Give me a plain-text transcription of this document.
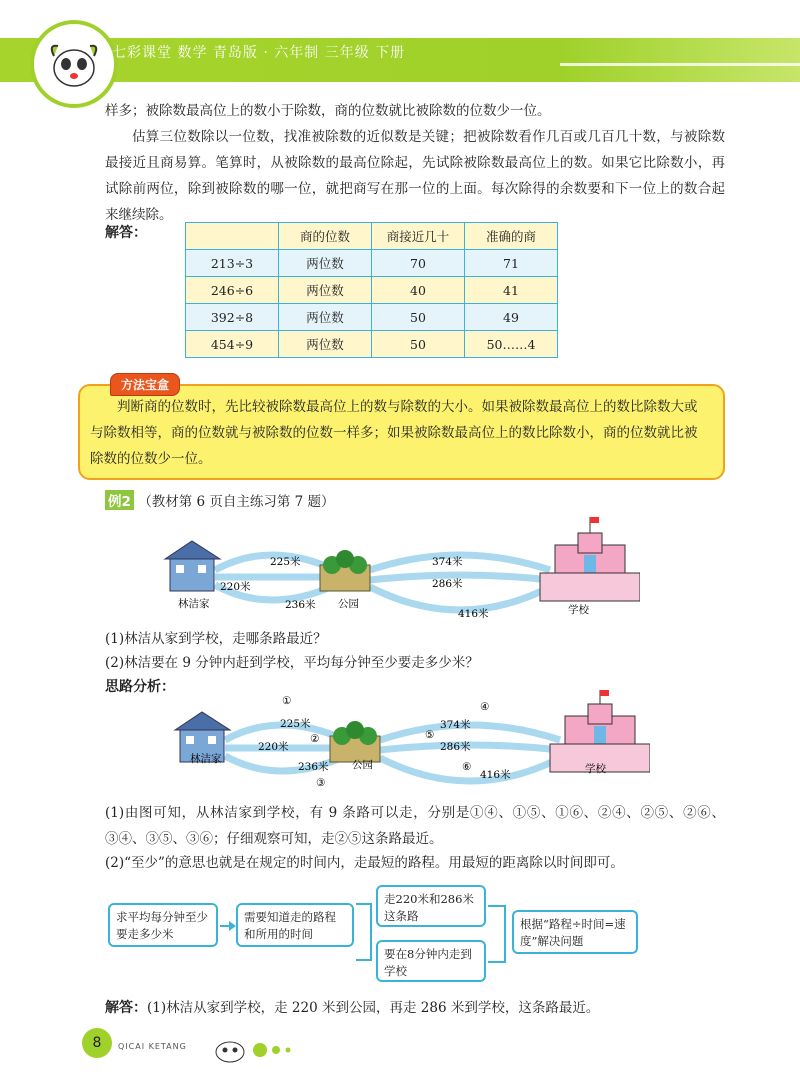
七彩课堂 数学 青岛版 · 六年制 三年级 下册
样多；被除数最高位上的数小于除数，商的位数就比被除数的位数少一位。
估算三位数除以一位数，找准被除数的近似数是关键；把被除数看作几百或几百几十数，与被除数最接近且商易算。笔算时，从被除数的最高位除起，先试除被除数最高位上的数。如果它比除数小，再试除前两位，除到被除数的哪一位，就把商写在那一位的上面。每次除得的余数要和下一位上的数合起来继续除。
解答：
		商的位数	商接近几十	准确的商
213÷3	两位数	70	71
246÷6	两位数	40	41
392÷8	两位数	50	49
454÷9	两位数	50	50……4
方法宝盒
判断商的位数时，先比较被除数最高位上的数与除数的大小。如果被除数最高位上的数比除数大或与除数相等，商的位数就与被除数的位数一样多；如果被除数最高位上的数比除数小，商的位数就比被除数的位数少一位。
例2 （教材第 6 页自主练习第 7 题）
225米
220米
236米
374米
286米
416米
林洁家	公园	学校
(1)林洁从家到学校，走哪条路最近？
(2)林洁要在 9 分钟内赶到学校，平均每分钟至少要走多少米？
思路分析：
①
②
③
④
⑤
⑥
225米
220米
236米
374米
286米
416米
林洁家	公园	学校
(1)由图可知，从林洁家到学校，有 9 条路可以走，分别是①④、①⑤、①⑥、②④、②⑤、②⑥、③④、③⑤、③⑥；仔细观察可知，走②⑤这条路最近。
(2)“至少”的意思也就是在规定的时间内，走最短的路程。用最短的距离除以时间即可。
求平均每分钟至少要走多少米
需要知道走的路程和所用的时间
走220米和286米这条路
要在8分钟内走到学校
根据“路程÷时间=速度”解决问题
解答：(1)林洁从家到学校，走 220 米到公园，再走 286 米到学校，这条路最近。
8	QICAI KETANG
